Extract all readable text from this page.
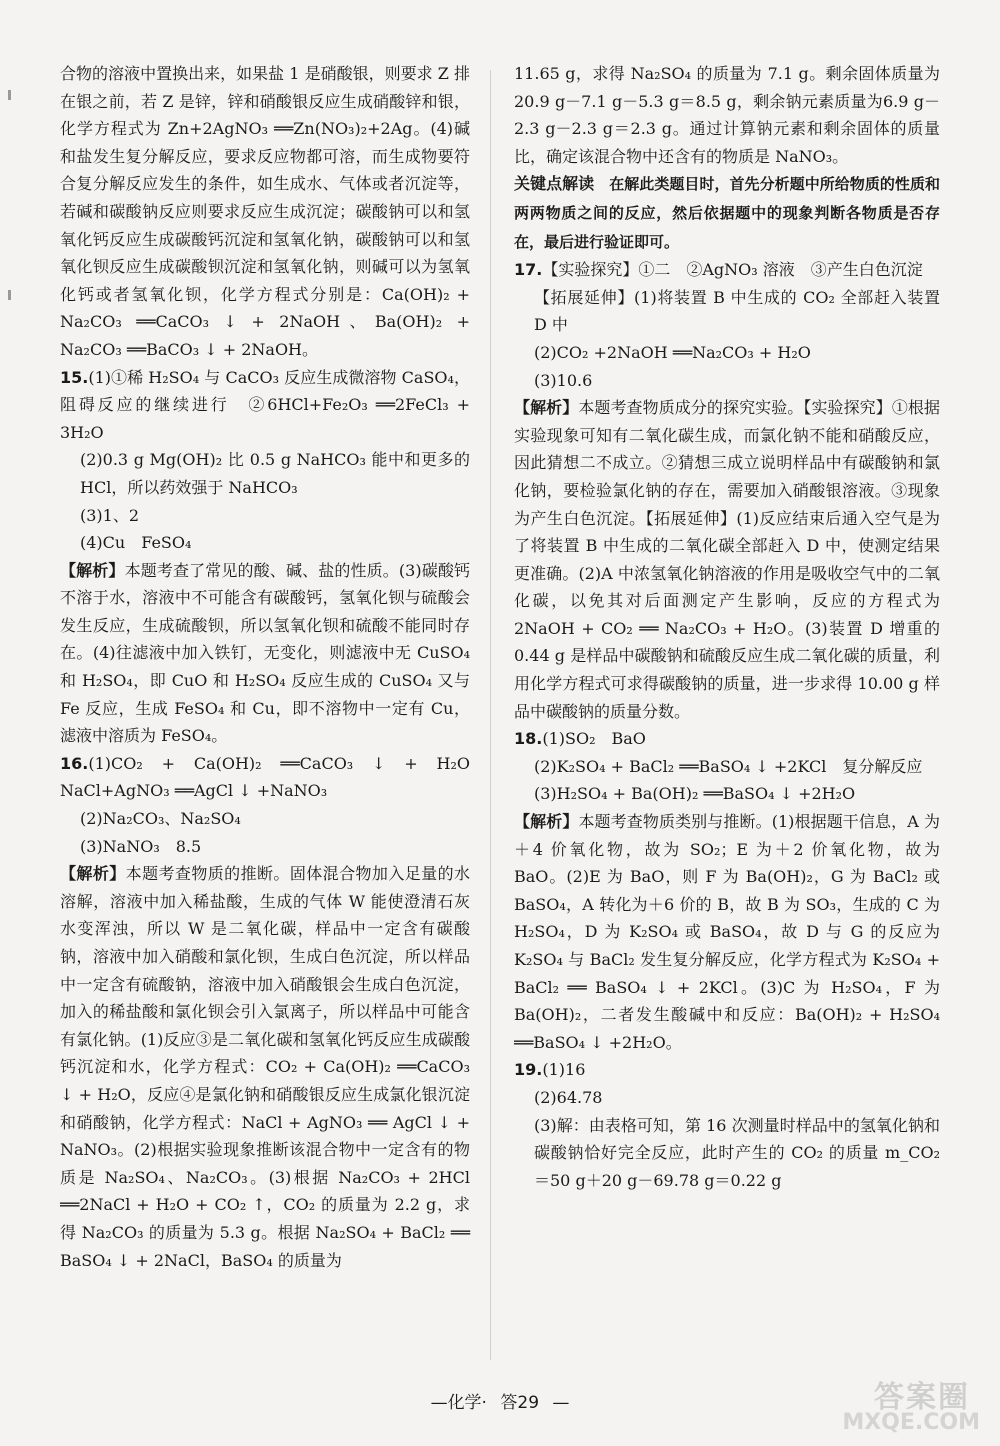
合物的溶液中置换出来，如果盐 1 是硝酸银，则要求 Z 排在银之前，若 Z 是锌，锌和硝酸银反应生成硝酸锌和银，化学方程式为 Zn+2AgNO₃ ══Zn(NO₃)₂+2Ag。(4)碱和盐发生复分解反应，要求反应物都可溶，而生成物要符合复分解反应发生的条件，如生成水、气体或者沉淀等，若碱和碳酸钠反应则要求反应生成沉淀；碳酸钠可以和氢氧化钙反应生成碳酸钙沉淀和氢氧化钠，碳酸钠可以和氢氧化钡反应生成碳酸钡沉淀和氢氧化钠，则碱可以为氢氧化钙或者氢氧化钡，化学方程式分别是：Ca(OH)₂ + Na₂CO₃ ══CaCO₃ ↓ + 2NaOH、Ba(OH)₂ + Na₂CO₃ ══BaCO₃ ↓ + 2NaOH。

15.(1)①稀 H₂SO₄ 与 CaCO₃ 反应生成微溶物 CaSO₄，阻碍反应的继续进行　②6HCl+Fe₂O₃ ══2FeCl₃ + 3H₂O

(2)0.3 g Mg(OH)₂ 比 0.5 g NaHCO₃ 能中和更多的 HCl，所以药效强于 NaHCO₃

(3)1、2

(4)Cu　FeSO₄

【解析】本题考查了常见的酸、碱、盐的性质。(3)碳酸钙不溶于水，溶液中不可能含有碳酸钙，氢氧化钡与硫酸会发生反应，生成硫酸钡，所以氢氧化钡和硫酸不能同时存在。(4)往滤液中加入铁钉，无变化，则滤液中无 CuSO₄ 和 H₂SO₄，即 CuO 和 H₂SO₄ 反应生成的 CuSO₄ 又与 Fe 反应，生成 FeSO₄ 和 Cu，即不溶物中一定有 Cu，滤液中溶质为 FeSO₄。

16.(1)CO₂ + Ca(OH)₂ ══CaCO₃ ↓ + H₂O　NaCl+AgNO₃ ══AgCl ↓ +NaNO₃

(2)Na₂CO₃、Na₂SO₄

(3)NaNO₃　8.5

【解析】本题考查物质的推断。固体混合物加入足量的水溶解，溶液中加入稀盐酸，生成的气体 W 能使澄清石灰水变浑浊，所以 W 是二氧化碳，样品中一定含有碳酸钠，溶液中加入硝酸和氯化钡，生成白色沉淀，所以样品中一定含有硫酸钠，溶液中加入硝酸银会生成白色沉淀，加入的稀盐酸和氯化钡会引入氯离子，所以样品中可能含有氯化钠。(1)反应③是二氧化碳和氢氧化钙反应生成碳酸钙沉淀和水，化学方程式：CO₂ + Ca(OH)₂ ══CaCO₃ ↓ + H₂O，反应④是氯化钠和硝酸银反应生成氯化银沉淀和硝酸钠，化学方程式：NaCl + AgNO₃ ══ AgCl ↓ + NaNO₃。(2)根据实验现象推断该混合物中一定含有的物质是 Na₂SO₄、Na₂CO₃。(3)根据 Na₂CO₃ + 2HCl ══2NaCl + H₂O + CO₂ ↑，CO₂ 的质量为 2.2 g，求得 Na₂CO₃ 的质量为 5.3 g。根据 Na₂SO₄ + BaCl₂ ══ BaSO₄ ↓ + 2NaCl，BaSO₄ 的质量为

11.65 g，求得 Na₂SO₄ 的质量为 7.1 g。剩余固体质量为20.9 g－7.1 g－5.3 g＝8.5 g，剩余钠元素质量为6.9 g－2.3 g－2.3 g＝2.3 g。通过计算钠元素和剩余固体的质量比，确定该混合物中还含有的物质是 NaNO₃。

关键点解读　在解此类题目时，首先分析题中所给物质的性质和两两物质之间的反应，然后依据题中的现象判断各物质是否存在，最后进行验证即可。

17.【实验探究】①二　②AgNO₃ 溶液　③产生白色沉淀

【拓展延伸】(1)将装置 B 中生成的 CO₂ 全部赶入装置 D 中

(2)CO₂ +2NaOH ══Na₂CO₃ + H₂O

(3)10.6

【解析】本题考查物质成分的探究实验。【实验探究】①根据实验现象可知有二氧化碳生成，而氯化钠不能和硝酸反应，因此猜想二不成立。②猜想三成立说明样品中有碳酸钠和氯化钠，要检验氯化钠的存在，需要加入硝酸银溶液。③现象为产生白色沉淀。【拓展延伸】(1)反应结束后通入空气是为了将装置 B 中生成的二氧化碳全部赶入 D 中，使测定结果更准确。(2)A 中浓氢氧化钠溶液的作用是吸收空气中的二氧化碳，以免其对后面测定产生影响，反应的方程式为 2NaOH + CO₂ ══ Na₂CO₃ + H₂O。(3)装置 D 增重的 0.44 g 是样品中碳酸钠和硫酸反应生成二氧化碳的质量，利用化学方程式可求得碳酸钠的质量，进一步求得 10.00 g 样品中碳酸钠的质量分数。

18.(1)SO₂　BaO

(2)K₂SO₄ + BaCl₂ ══BaSO₄ ↓ +2KCl　复分解反应

(3)H₂SO₄ + Ba(OH)₂ ══BaSO₄ ↓ +2H₂O

【解析】本题考查物质类别与推断。(1)根据题干信息，A 为＋4 价氧化物，故为 SO₂；E 为＋2 价氧化物，故为 BaO。(2)E 为 BaO，则 F 为 Ba(OH)₂，G 为 BaCl₂ 或 BaSO₄，A 转化为＋6 价的 B，故 B 为 SO₃，生成的 C 为 H₂SO₄，D 为 K₂SO₄ 或 BaSO₄，故 D 与 G 的反应为 K₂SO₄ 与 BaCl₂ 发生复分解反应，化学方程式为 K₂SO₄ + BaCl₂ ══ BaSO₄ ↓ + 2KCl。(3)C 为 H₂SO₄，F 为 Ba(OH)₂，二者发生酸碱中和反应：Ba(OH)₂ + H₂SO₄ ══BaSO₄ ↓ +2H₂O。

19.(1)16

(2)64.78

(3)解：由表格可知，第 16 次测量时样品中的氢氧化钠和碳酸钠恰好完全反应，此时产生的 CO₂ 的质量 m_CO₂ ＝50 g＋20 g－69.78 g＝0.22 g

—化学· 答29 —	答案圈
MXQE.COM
